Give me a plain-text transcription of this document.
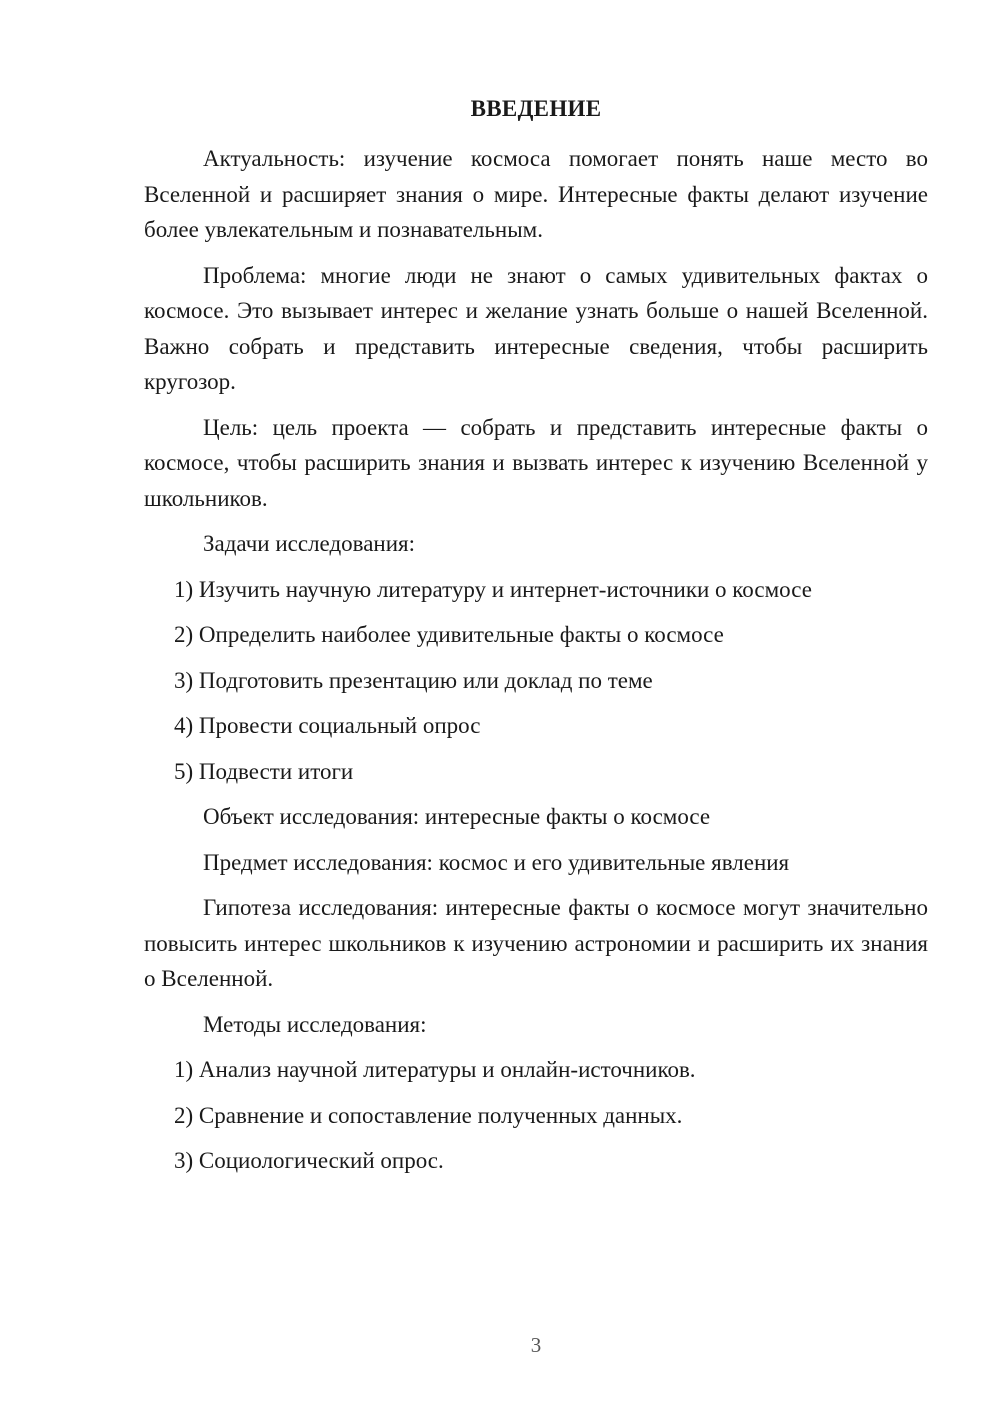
ВВЕДЕНИЕ

Актуальность: изучение космоса помогает понять наше место во Вселенной и расширяет знания о мире. Интересные факты делают изучение более увлекательным и познавательным.

Проблема: многие люди не знают о самых удивительных фактах о космосе. Это вызывает интерес и желание узнать больше о нашей Вселенной. Важно собрать и представить интересные сведения, чтобы расширить кругозор.

Цель: цель проекта — собрать и представить интересные факты о космосе, чтобы расширить знания и вызвать интерес к изучению Вселенной у школьников.

Задачи исследования:

1) Изучить научную литературу и интернет-источники о космосе

2) Определить наиболее удивительные факты о космосе

3) Подготовить презентацию или доклад по теме

4) Провести социальный опрос

5) Подвести итоги

Объект исследования: интересные факты о космосе

Предмет исследования: космос и его удивительные явления

Гипотеза исследования: интересные факты о космосе могут значительно повысить интерес школьников к изучению астрономии и расширить их знания о Вселенной.

Методы исследования:

1) Анализ научной литературы и онлайн-источников.

2) Сравнение и сопоставление полученных данных.

3) Социологический опрос.

3
